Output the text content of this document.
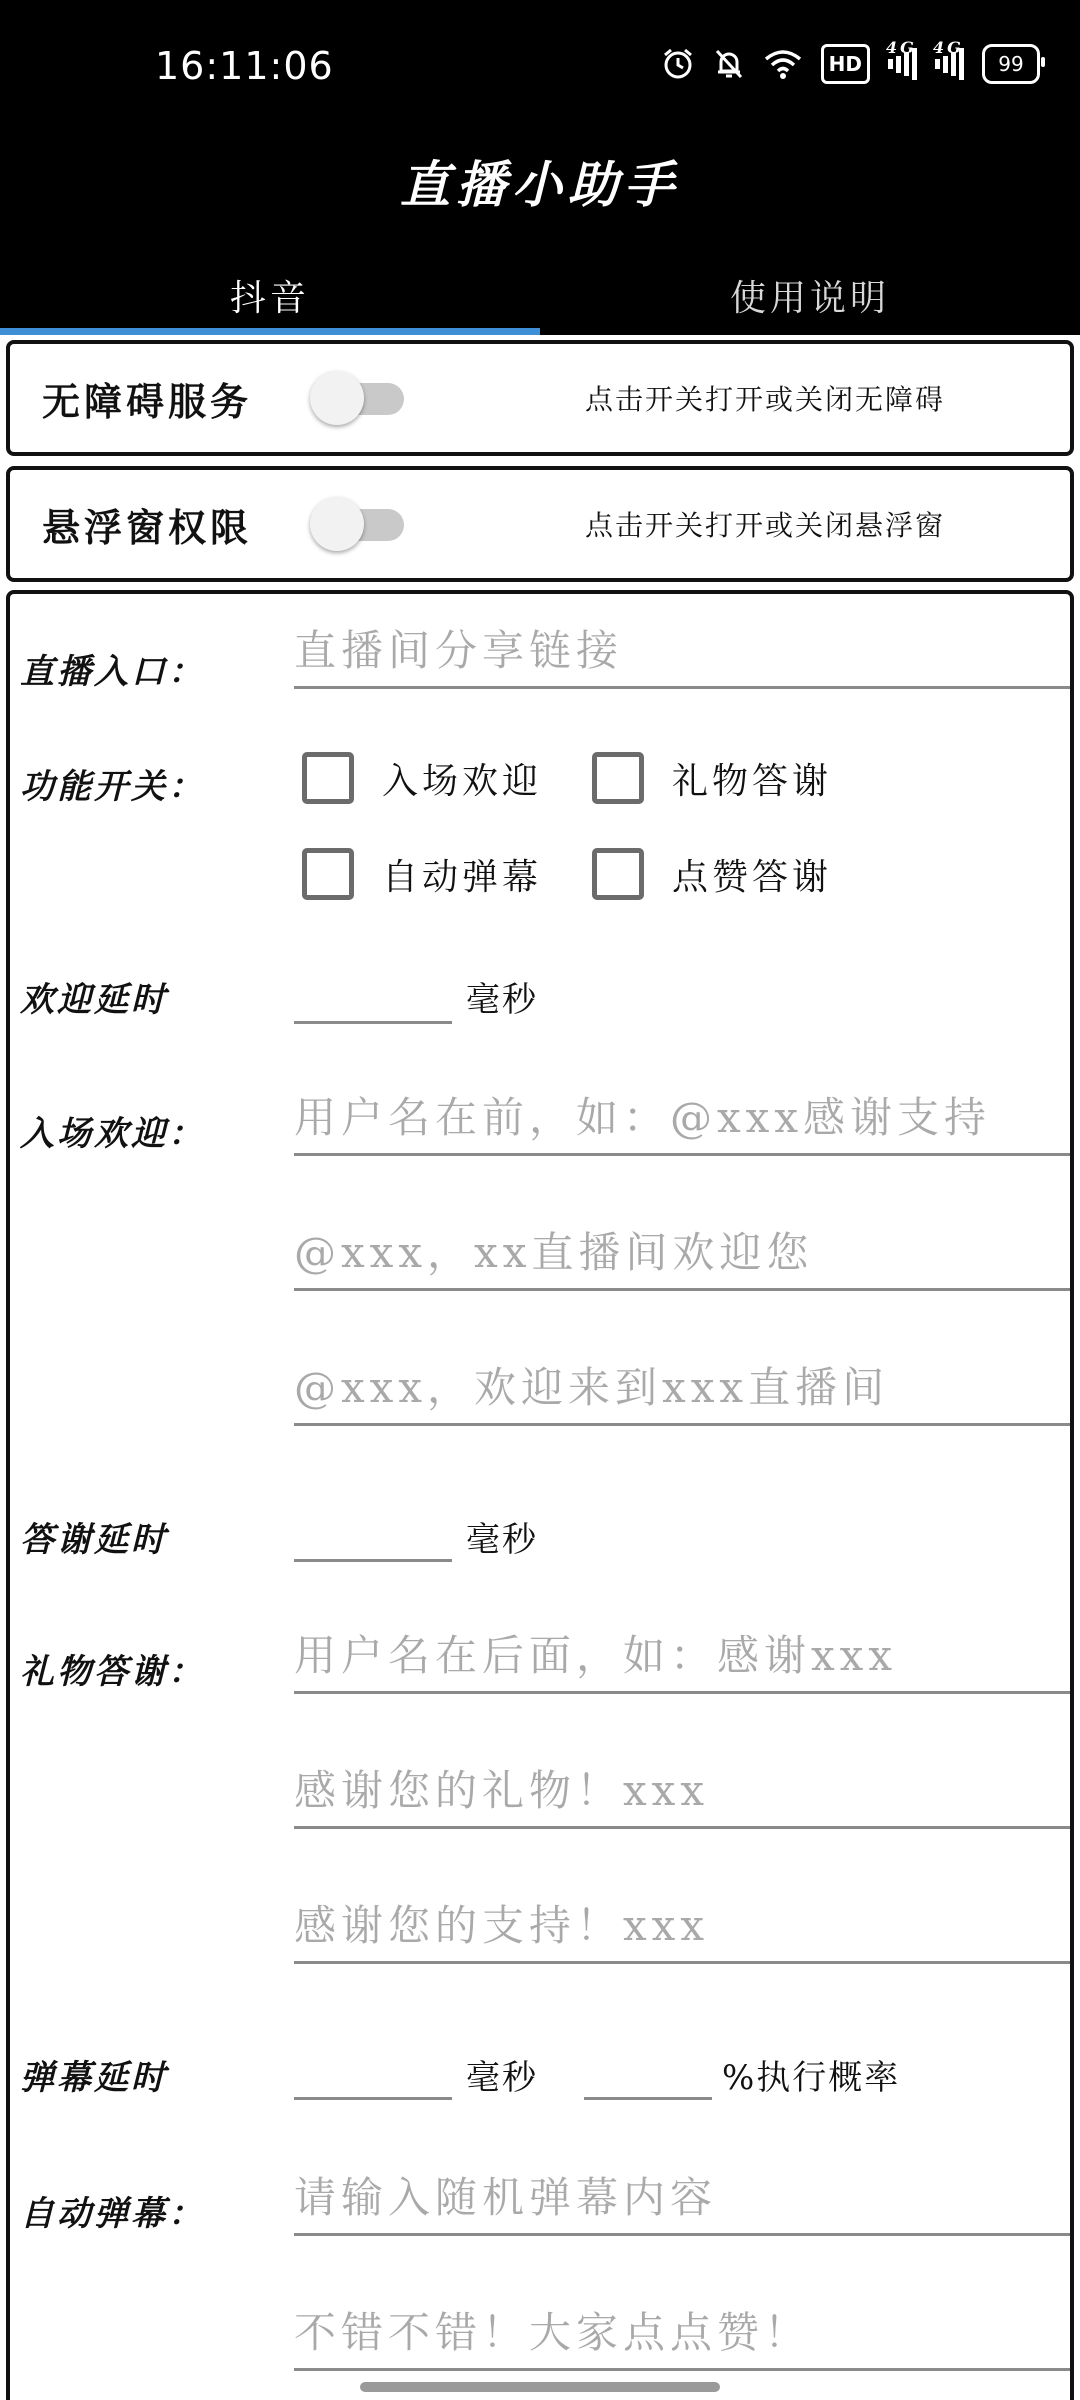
16:11:06	HD
4G 4G
99
直播小助手
抖音	使用说明
无障碍服务	点击开关打开或关闭无障碍
悬浮窗权限	点击开关打开或关闭悬浮窗
直播入口： 直播间分享链接
功能开关：	入场欢迎	礼物答谢
自动弹幕	点赞答谢
欢迎延时	毫秒
入场欢迎： 用户名在前，如：@xxx感谢支持
@xxx，xx直播间欢迎您
@xxx，欢迎来到xxx直播间
答谢延时	毫秒
礼物答谢： 用户名在后面，如：感谢xxx
感谢您的礼物！xxx
感谢您的支持！xxx
弹幕延时	毫秒	%执行概率
自动弹幕： 请输入随机弹幕内容
不错不错！大家点点赞！
